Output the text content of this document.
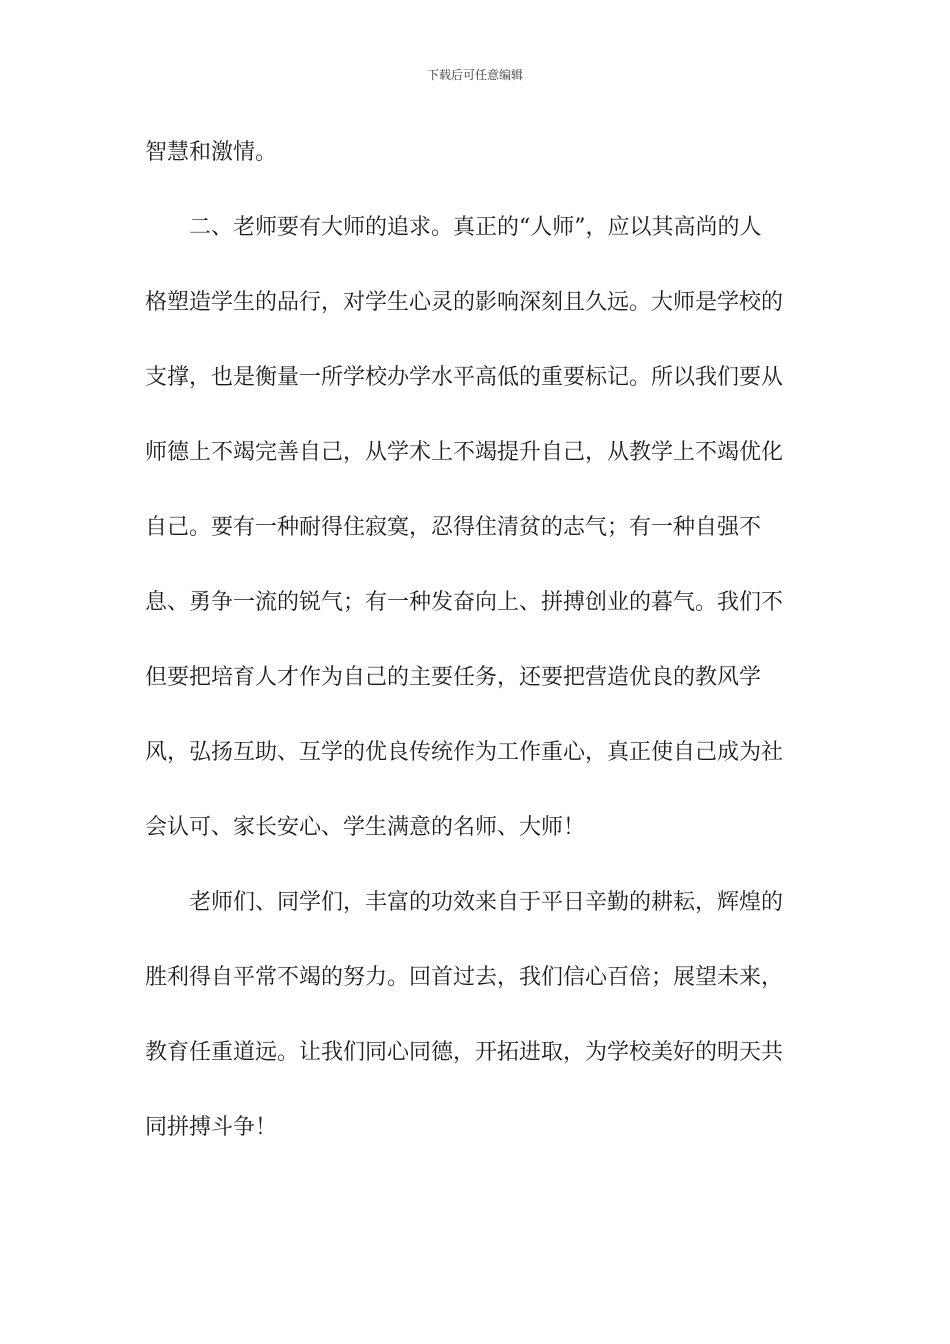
下载后可任意编辑
智慧和激情。
二、老师要有大师的追求。真正的“人师”，应以其高尚的人
格塑造学生的品行，对学生心灵的影响深刻且久远。大师是学校的
支撑，也是衡量一所学校办学水平高低的重要标记。所以我们要从
师德上不竭完善自己，从学术上不竭提升自己，从教学上不竭优化
自己。要有一种耐得住寂寞，忍得住清贫的志气；有一种自强不
息、勇争一流的锐气；有一种发奋向上、拼搏创业的暮气。我们不
但要把培育人才作为自己的主要任务，还要把营造优良的教风学
风，弘扬互助、互学的优良传统作为工作重心，真正使自己成为社
会认可、家长安心、学生满意的名师、大师！
老师们、同学们，丰富的功效来自于平日辛勤的耕耘，辉煌的
胜利得自平常不竭的努力。回首过去，我们信心百倍；展望未来，
教育任重道远。让我们同心同德，开拓进取，为学校美好的明天共
同拼搏斗争！
